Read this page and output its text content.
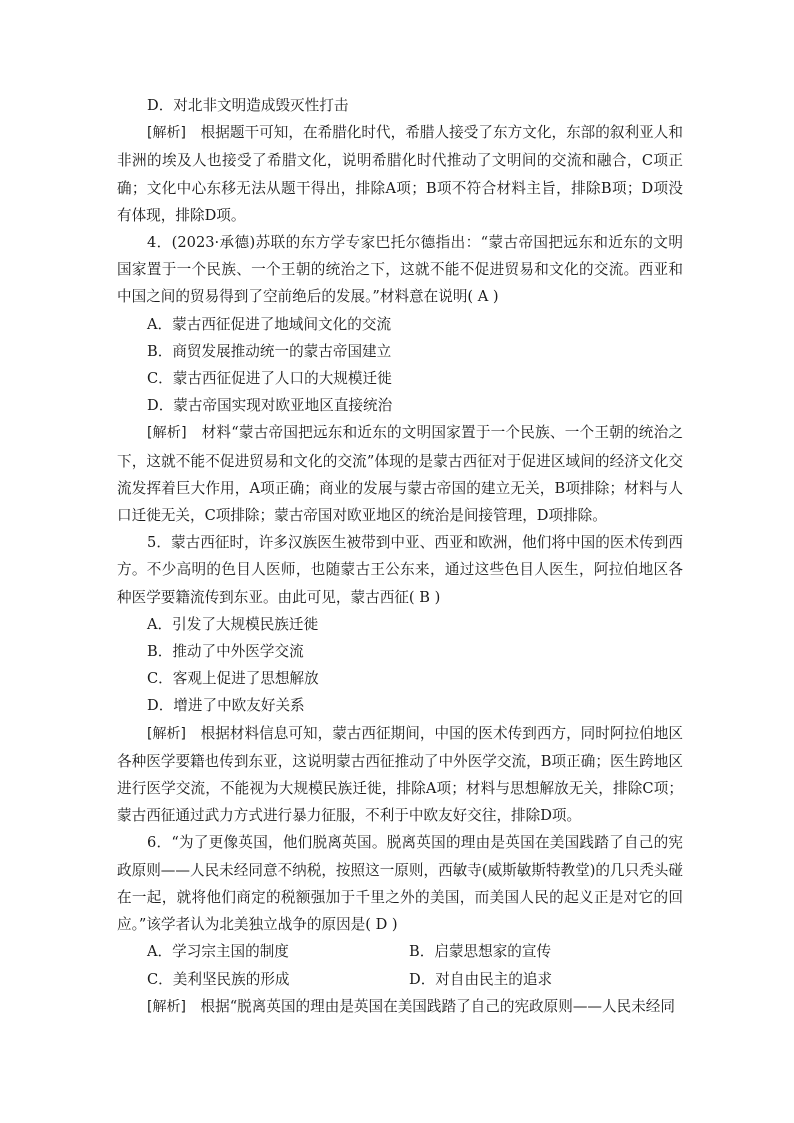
D．对北非文明造成毁灭性打击

[解析]　根据题干可知，在希腊化时代，希腊人接受了东方文化，东部的叙利亚人和非洲的埃及人也接受了希腊文化，说明希腊化时代推动了文明间的交流和融合，C项正确；文化中心东移无法从题干得出，排除A项；B项不符合材料主旨，排除B项；D项没有体现，排除D项。

4．(2023·承德)苏联的东方学专家巴托尔德指出：“蒙古帝国把远东和近东的文明国家置于一个民族、一个王朝的统治之下，这就不能不促进贸易和文化的交流。西亚和中国之间的贸易得到了空前绝后的发展。”材料意在说明( A )

A．蒙古西征促进了地域间文化的交流
B．商贸发展推动统一的蒙古帝国建立
C．蒙古西征促进了人口的大规模迁徙
D．蒙古帝国实现对欧亚地区直接统治

[解析]　材料“蒙古帝国把远东和近东的文明国家置于一个民族、一个王朝的统治之下，这就不能不促进贸易和文化的交流”体现的是蒙古西征对于促进区域间的经济文化交流发挥着巨大作用，A项正确；商业的发展与蒙古帝国的建立无关，B项排除；材料与人口迁徙无关，C项排除；蒙古帝国对欧亚地区的统治是间接管理，D项排除。

5．蒙古西征时，许多汉族医生被带到中亚、西亚和欧洲，他们将中国的医术传到西方。不少高明的色目人医师，也随蒙古王公东来，通过这些色目人医生，阿拉伯地区各种医学要籍流传到东亚。由此可见，蒙古西征( B )

A．引发了大规模民族迁徙
B．推动了中外医学交流
C．客观上促进了思想解放
D．增进了中欧友好关系

[解析]　根据材料信息可知，蒙古西征期间，中国的医术传到西方，同时阿拉伯地区各种医学要籍也传到东亚，这说明蒙古西征推动了中外医学交流，B项正确；医生跨地区进行医学交流，不能视为大规模民族迁徙，排除A项；材料与思想解放无关，排除C项；蒙古西征通过武力方式进行暴力征服，不利于中欧友好交往，排除D项。

6．“为了更像英国，他们脱离英国。脱离英国的理由是英国在美国践踏了自己的宪政原则——人民未经同意不纳税，按照这一原则，西敏寺(威斯敏斯特教堂)的几只秃头碰在一起，就将他们商定的税额强加于千里之外的美国，而美国人民的起义正是对它的回应。”该学者认为北美独立战争的原因是( D )

A．学习宗主国的制度	B．启蒙思想家的宣传
C．美利坚民族的形成	D．对自由民主的追求

[解析]　根据“脱离英国的理由是英国在美国践踏了自己的宪政原则——人民未经同
